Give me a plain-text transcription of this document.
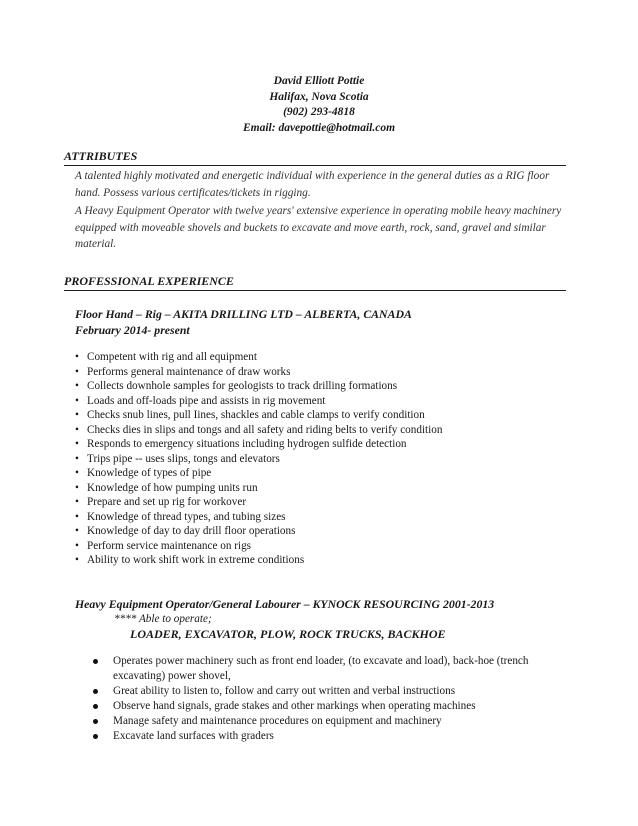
David Elliott Pottie
Halifax, Nova Scotia
(902) 293-4818
Email: davepottie@hotmail.com
ATTRIBUTES
A talented highly motivated and energetic individual with experience in the general duties as a RIG floor hand. Possess various certificates/tickets in rigging.
A Heavy Equipment Operator with twelve years' extensive experience in operating mobile heavy machinery equipped with moveable shovels and buckets to excavate and move earth, rock, sand, gravel and similar material.
PROFESSIONAL EXPERIENCE
Floor Hand – Rig – AKITA DRILLING LTD – ALBERTA, CANADA
February 2014- present
• Competent with rig and all equipment
• Performs general maintenance of draw works
• Collects downhole samples for geologists to track drilling formations
• Loads and off-loads pipe and assists in rig movement
• Checks snub lines, pull Iines, shackles and cable clamps to verify condition
• Checks dies in slips and tongs and all safety and riding belts to verify condition
• Responds to emergency situations including hydrogen sulfide detection
• Trips pipe -- uses slips, tongs and elevators
• Knowledge of types of pipe
• Knowledge of how pumping units run
• Prepare and set up rig for workover
• Knowledge of thread types, and tubing sizes
• Knowledge of day to day drill floor operations
• Perform service maintenance on rigs
• Ability to work shift work in extreme conditions
Heavy Equipment Operator/General Labourer – KYNOCK RESOURCING 2001-2013
**** Able to operate;
LOADER, EXCAVATOR, PLOW, ROCK TRUCKS, BACKHOE
Operates power machinery such as front end loader, (to excavate and load), back-hoe (trench excavating) power shovel,
Great ability to listen to, follow and carry out written and verbal instructions
Observe hand signals, grade stakes and other markings when operating machines
Manage safety and maintenance procedures on equipment and machinery
Excavate land surfaces with graders
